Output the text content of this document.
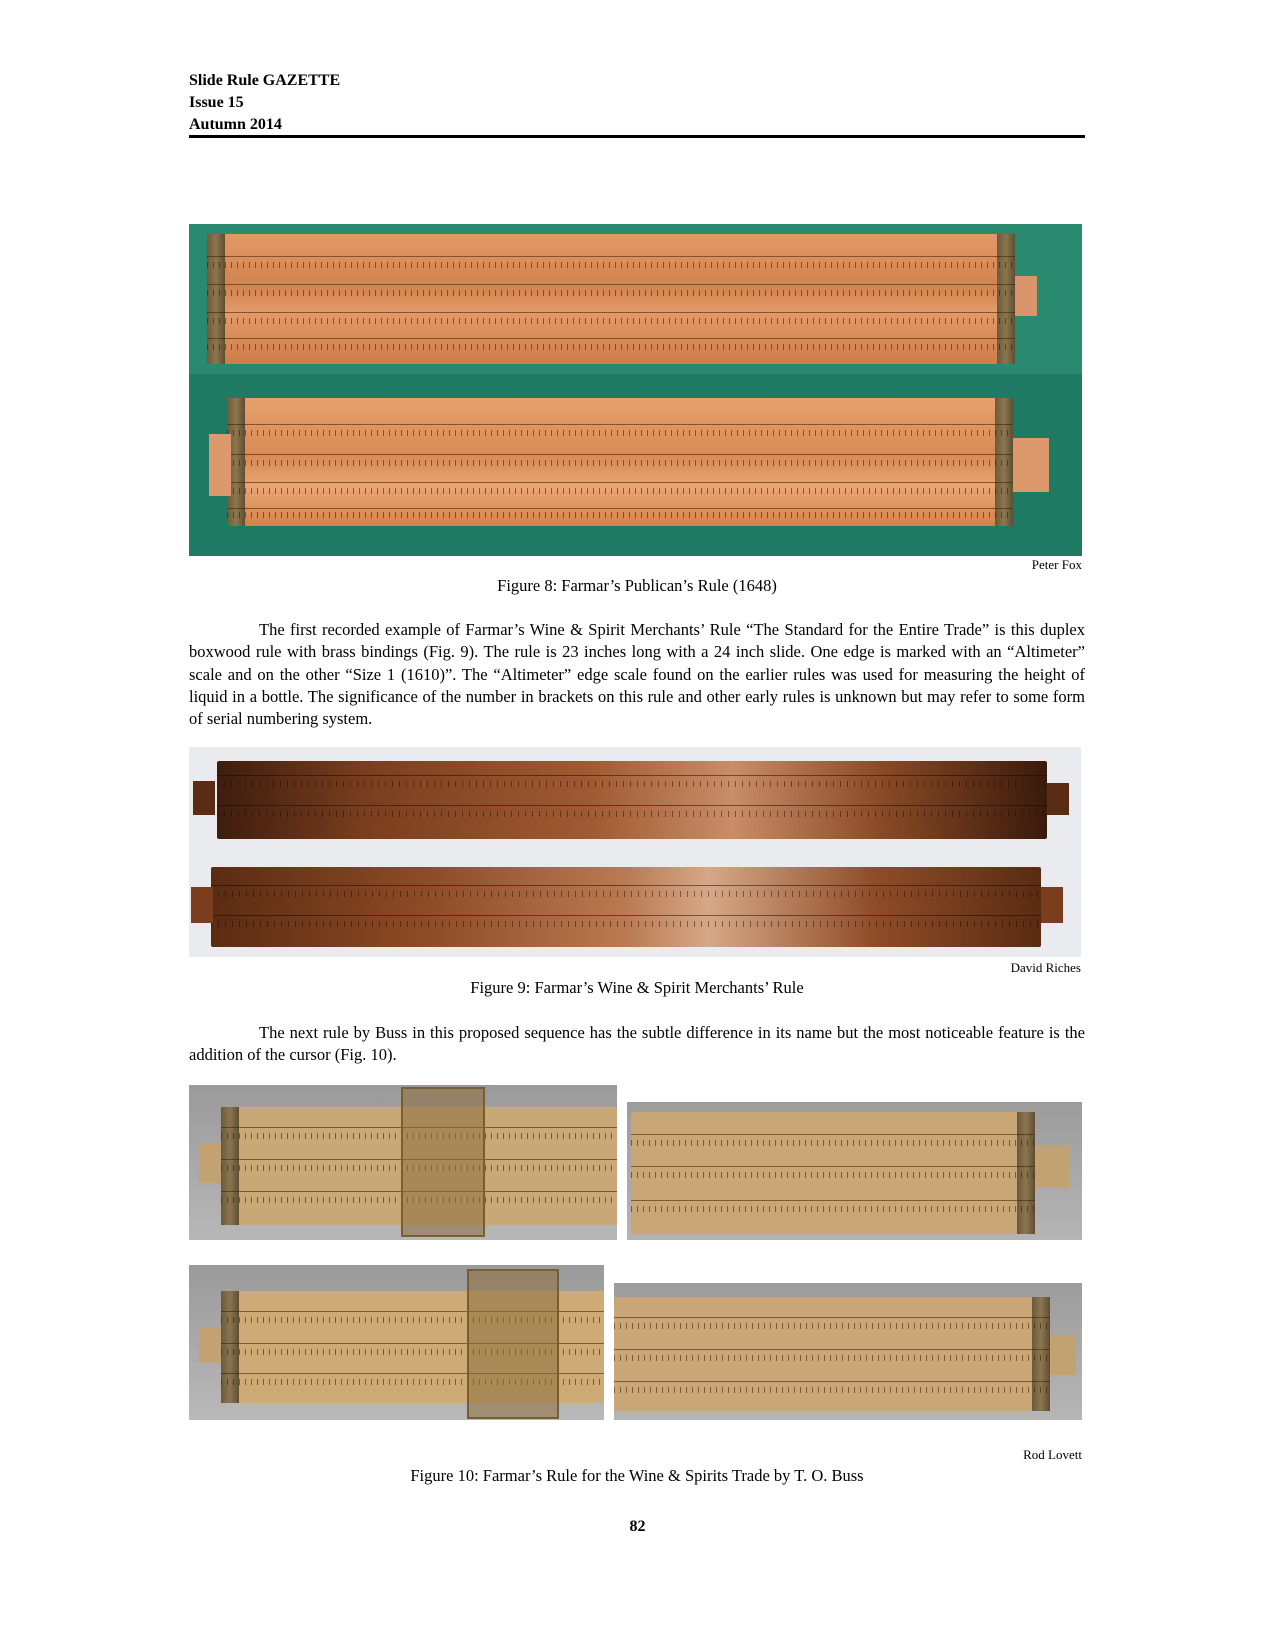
Slide Rule GAZETTE
Issue 15
Autumn 2014
Peter Fox
Figure 8: Farmar’s Publican’s Rule (1648)
The first recorded example of Farmar’s Wine & Spirit Merchants’ Rule “The Standard for the Entire Trade” is this duplex boxwood rule with brass bindings (Fig. 9). The rule is 23 inches long with a 24 inch slide. One edge is marked with an “Altimeter” scale and on the other “Size 1 (1610)”. The “Altimeter” edge scale found on the earlier rules was used for measuring the height of liquid in a bottle. The significance of the number in brackets on this rule and other early rules is unknown but may refer to some form of serial numbering system.
David Riches
Figure 9: Farmar’s Wine & Spirit Merchants’ Rule
The next rule by Buss in this proposed sequence has the subtle difference in its name but the most noticeable feature is the addition of the cursor (Fig. 10).
Rod Lovett
Figure 10: Farmar’s Rule for the Wine & Spirits Trade by T. O. Buss
82
